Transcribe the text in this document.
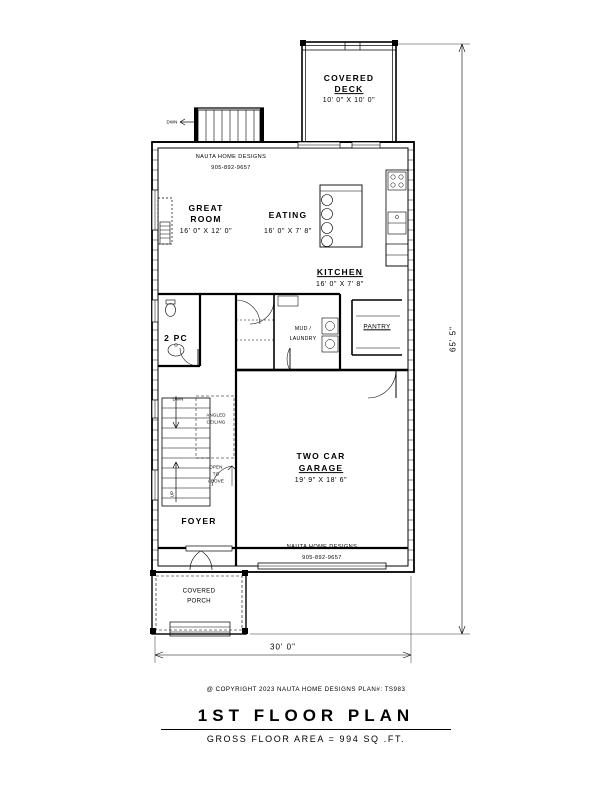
COVERED
DECK
10' 0" X 10' 0"
DWN
NAUTA HOME DESIGNS
905-892-9657
GREAT
ROOM
16' 0" X 12' 0"
EATING
16' 0" X 7' 8"
KITCHEN
16' 0" X 7' 8"
2 PC
MUD /
LAUNDRY
PANTRY
DWN
ANGLED
CEILING
OPEN
TO
ABOVE
UP
TWO CAR
GARAGE
19' 9" X 18' 6"
FOYER
NAUTA HOME DESIGNS
905-892-9657
COVERED
PORCH
65' 5"
30' 0"
@ COPYRIGHT 2023 NAUTA HOME DESIGNS PLAN#: TS983
1ST FLOOR PLAN
GROSS FLOOR AREA = 994 SQ .FT.
